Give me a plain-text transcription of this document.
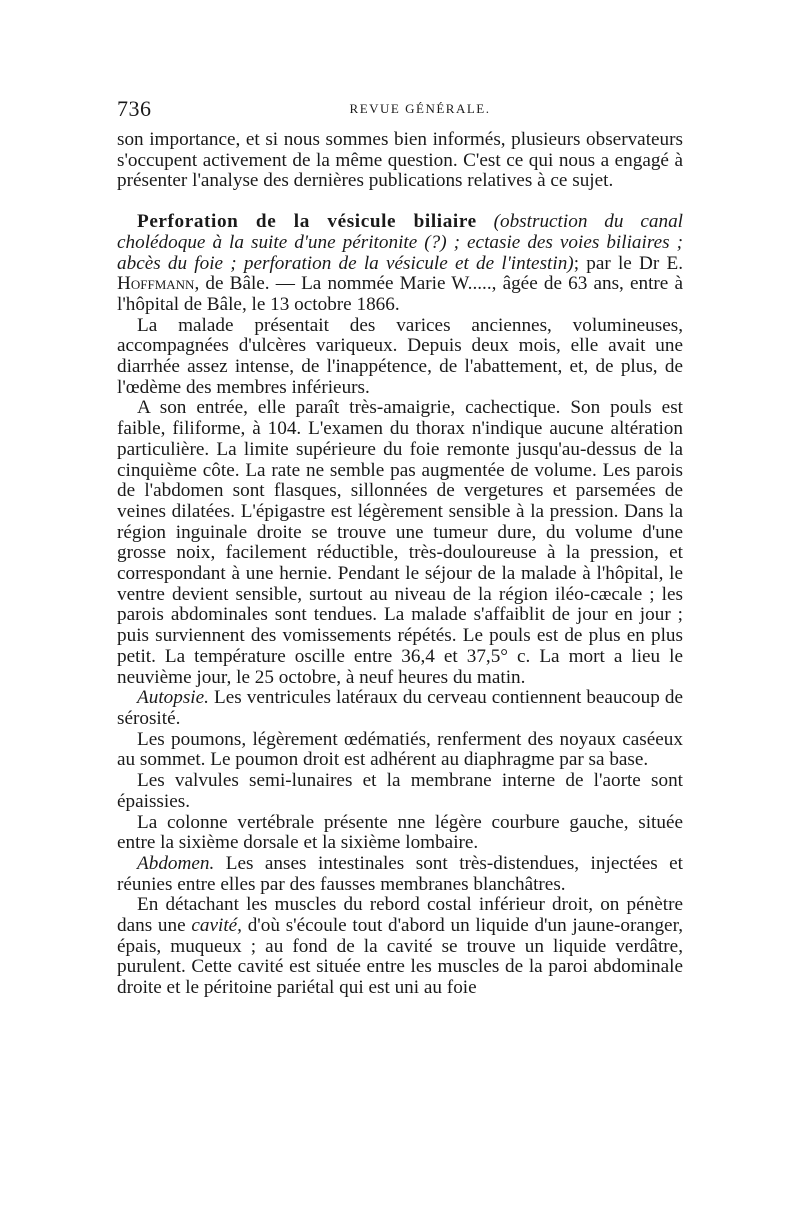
736	REVUE GÉNÉRALE.

son importance, et si nous sommes bien informés, plusieurs observateurs s'occupent activement de la même question. C'est ce qui nous a engagé à présenter l'analyse des dernières publications relatives à ce sujet.

Perforation de la vésicule biliaire (obstruction du canal cholédoque à la suite d'une péritonite (?) ; ectasie des voies biliaires ; abcès du foie ; perforation de la vésicule et de l'intestin); par le Dr E. Hoffmann, de Bâle. — La nommée Marie W....., âgée de 63 ans, entre à l'hôpital de Bâle, le 13 octobre 1866.

La malade présentait des varices anciennes, volumineuses, accompagnées d'ulcères variqueux. Depuis deux mois, elle avait une diarrhée assez intense, de l'inappétence, de l'abattement, et, de plus, de l'œdème des membres inférieurs.

A son entrée, elle paraît très-amaigrie, cachectique. Son pouls est faible, filiforme, à 104. L'examen du thorax n'indique aucune altération particulière. La limite supérieure du foie remonte jusqu'au-dessus de la cinquième côte. La rate ne semble pas augmentée de volume. Les parois de l'abdomen sont flasques, sillonnées de vergetures et parsemées de veines dilatées. L'épigastre est légèrement sensible à la pression. Dans la région inguinale droite se trouve une tumeur dure, du volume d'une grosse noix, facilement réductible, très-douloureuse à la pression, et correspondant à une hernie. Pendant le séjour de la malade à l'hôpital, le ventre devient sensible, surtout au niveau de la région iléo-cæcale ; les parois abdominales sont tendues. La malade s'affaiblit de jour en jour ; puis surviennent des vomissements répétés. Le pouls est de plus en plus petit. La température oscille entre 36,4 et 37,5° c. La mort a lieu le neuvième jour, le 25 octobre, à neuf heures du matin.

Autopsie. Les ventricules latéraux du cerveau contiennent beaucoup de sérosité.

Les poumons, légèrement œdématiés, renferment des noyaux caséeux au sommet. Le poumon droit est adhérent au diaphragme par sa base.

Les valvules semi-lunaires et la membrane interne de l'aorte sont épaissies.

La colonne vertébrale présente nne légère courbure gauche, située entre la sixième dorsale et la sixième lombaire.

Abdomen. Les anses intestinales sont très-distendues, injectées et réunies entre elles par des fausses membranes blanchâtres.

En détachant les muscles du rebord costal inférieur droit, on pénètre dans une cavité, d'où s'écoule tout d'abord un liquide d'un jaune-oranger, épais, muqueux ; au fond de la cavité se trouve un liquide verdâtre, purulent. Cette cavité est située entre les muscles de la paroi abdominale droite et le péritoine pariétal qui est uni au foie
